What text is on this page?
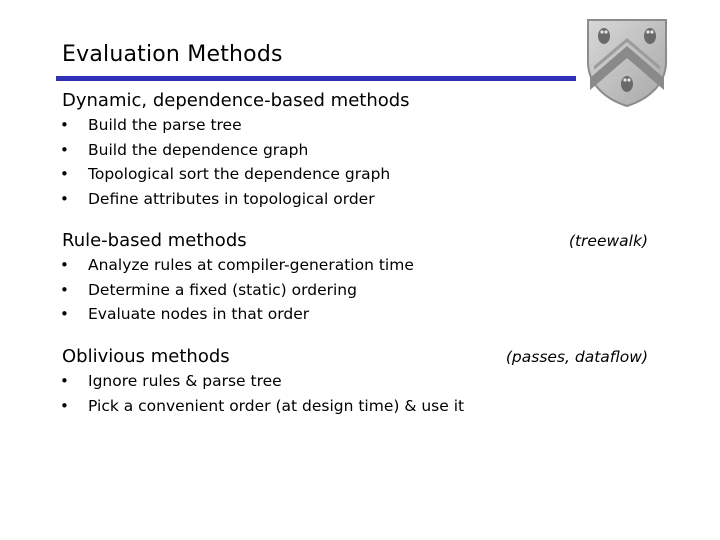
Evaluation Methods
Dynamic, dependence-based methods
• Build the parse tree
• Build the dependence graph
• Topological sort the dependence graph
• Define attributes in topological order
Rule-based methods
• Analyze rules at compiler-generation time
• Determine a fixed (static) ordering
• Evaluate nodes in that order
(treewalk)
Oblivious methods
• Ignore rules & parse tree
• Pick a convenient order (at design time) & use it
(passes, dataflow)
